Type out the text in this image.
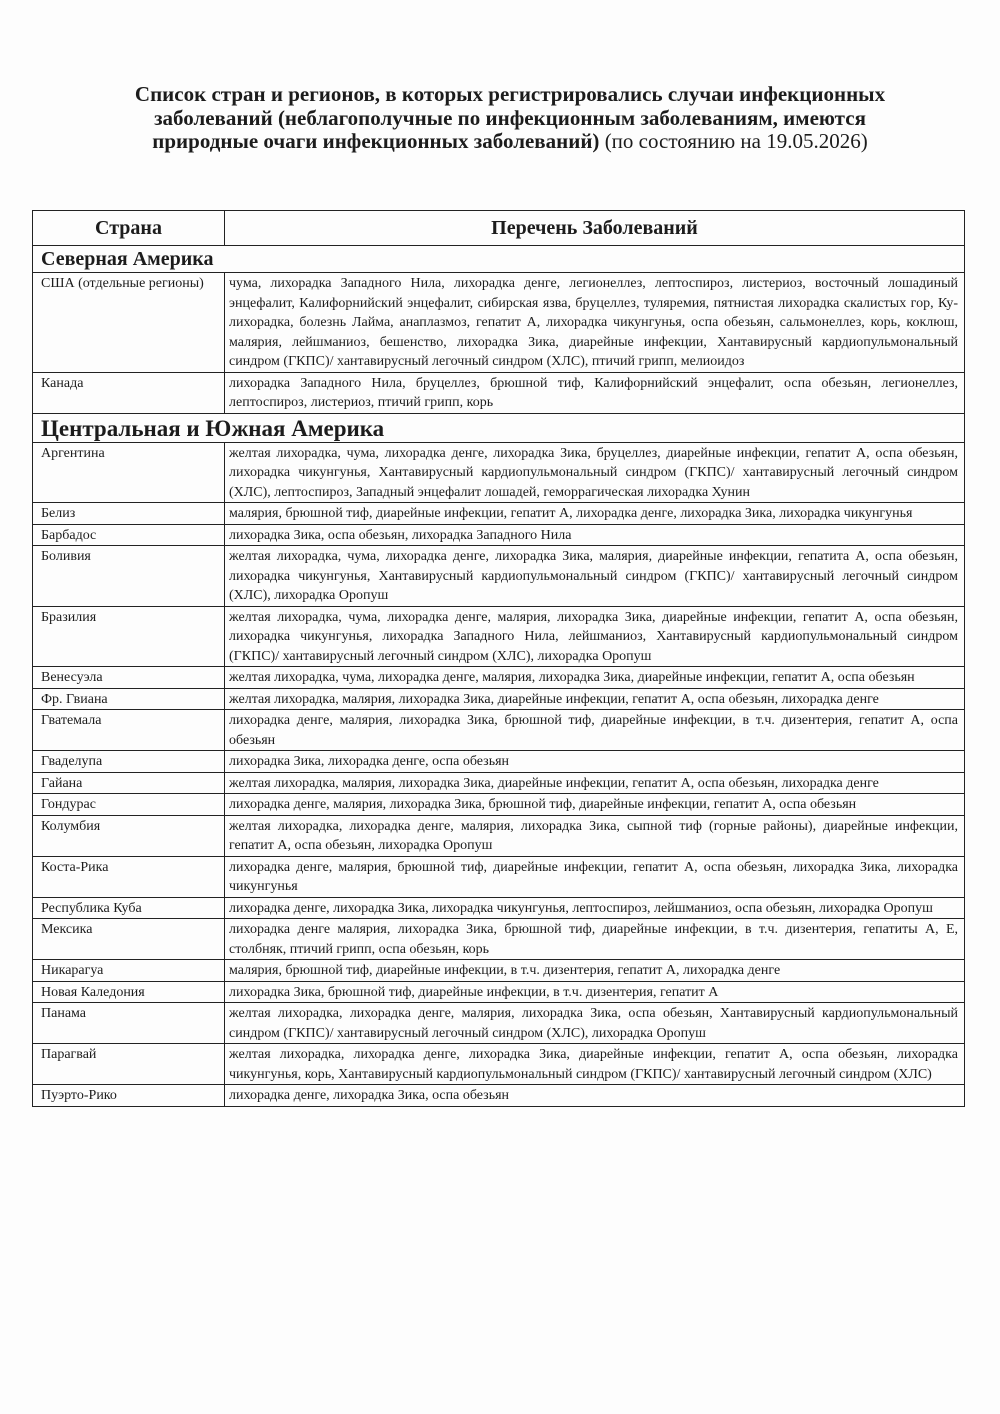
Список стран и регионов, в которых регистрировались случаи инфекционных заболеваний (неблагополучные по инфекционным заболеваниям, имеются природные очаги инфекционных заболеваний) (по состоянию на 19.05.2026)
Страна	Перечень Заболеваний
Северная Америка	
США (отдельные регионы)	чума, лихорадка Западного Нила, лихорадка денге, легионеллез, лептоспироз, листериоз, восточный лошадиный энцефалит, Калифорнийский энцефалит, сибирская язва, бруцеллез, туляремия, пятнистая лихорадка скалистых гор, Ку-лихорадка, болезнь Лайма, анаплазмоз, гепатит А, лихорадка чикунгунья, оспа обезьян, сальмонеллез, корь, коклюш, малярия, лейшманиоз, бешенство, лихорадка Зика, диарейные инфекции, Хантавирусный кардиопульмональный синдром (ГКПС)/ хантавирусный легочный синдром (ХЛС), птичий грипп, мелиоидоз
Канада	лихорадка Западного Нила, бруцеллез, брюшной тиф, Калифорнийский энцефалит, оспа обезьян, легионеллез, лептоспироз, листериоз, птичий грипп, корь
Центральная и Южная Америка	
Аргентина	желтая лихорадка, чума, лихорадка денге, лихорадка Зика, бруцеллез, диарейные инфекции, гепатит А, оспа обезьян, лихорадка чикунгунья, Хантавирусный кардиопульмональный синдром (ГКПС)/ хантавирусный легочный синдром (ХЛС), лептоспироз, Западный энцефалит лошадей, геморрагическая лихорадка Хунин
Белиз	малярия, брюшной тиф, диарейные инфекции, гепатит А, лихорадка денге, лихорадка Зика, лихорадка чикунгунья
Барбадос	лихорадка Зика, оспа обезьян, лихорадка Западного Нила
Боливия	желтая лихорадка, чума, лихорадка денге, лихорадка Зика, малярия, диарейные инфекции, гепатита А, оспа обезьян, лихорадка чикунгунья, Хантавирусный кардиопульмональный синдром (ГКПС)/ хантавирусный легочный синдром (ХЛС), лихорадка Оропуш
Бразилия	желтая лихорадка, чума, лихорадка денге, малярия, лихорадка Зика, диарейные инфекции, гепатит А, оспа обезьян, лихорадка чикунгунья, лихорадка Западного Нила, лейшманиоз, Хантавирусный кардиопульмональный синдром (ГКПС)/ хантавирусный легочный синдром (ХЛС), лихорадка Оропуш
Венесуэла	желтая лихорадка, чума, лихорадка денге, малярия, лихорадка Зика, диарейные инфекции, гепатит А, оспа обезьян
Фр. Гвиана	желтая лихорадка, малярия, лихорадка Зика, диарейные инфекции, гепатит А, оспа обезьян, лихорадка денге
Гватемала	лихорадка денге, малярия, лихорадка Зика, брюшной тиф, диарейные инфекции, в т.ч. дизентерия, гепатит А, оспа обезьян
Гваделупа	лихорадка Зика, лихорадка денге, оспа обезьян
Гайана	желтая лихорадка, малярия, лихорадка Зика, диарейные инфекции, гепатит А, оспа обезьян, лихорадка денге
Гондурас	лихорадка денге, малярия, лихорадка Зика, брюшной тиф, диарейные инфекции, гепатит А, оспа обезьян
Колумбия	желтая лихорадка, лихорадка денге, малярия, лихорадка Зика, сыпной тиф (горные районы), диарейные инфекции, гепатит А, оспа обезьян, лихорадка Оропуш
Коста-Рика	лихорадка денге, малярия, брюшной тиф, диарейные инфекции, гепатит А, оспа обезьян, лихорадка Зика, лихорадка чикунгунья
Республика Куба	лихорадка денге, лихорадка Зика, лихорадка чикунгунья, лептоспироз, лейшманиоз, оспа обезьян, лихорадка Оропуш
Мексика	лихорадка денге малярия, лихорадка Зика, брюшной тиф, диарейные инфекции, в т.ч. дизентерия, гепатиты А, Е, столбняк, птичий грипп, оспа обезьян, корь
Никарагуа	малярия, брюшной тиф, диарейные инфекции, в т.ч. дизентерия, гепатит А, лихорадка денге
Новая Каледония	лихорадка Зика, брюшной тиф, диарейные инфекции, в т.ч. дизентерия, гепатит А
Панама	желтая лихорадка, лихорадка денге, малярия, лихорадка Зика, оспа обезьян, Хантавирусный кардиопульмональный синдром (ГКПС)/ хантавирусный легочный синдром (ХЛС), лихорадка Оропуш
Парагвай	желтая лихорадка, лихорадка денге, лихорадка Зика, диарейные инфекции, гепатит А, оспа обезьян, лихорадка чикунгунья, корь, Хантавирусный кардиопульмональный синдром (ГКПС)/ хантавирусный легочный синдром (ХЛС)
Пуэрто-Рико	лихорадка денге, лихорадка Зика, оспа обезьян
